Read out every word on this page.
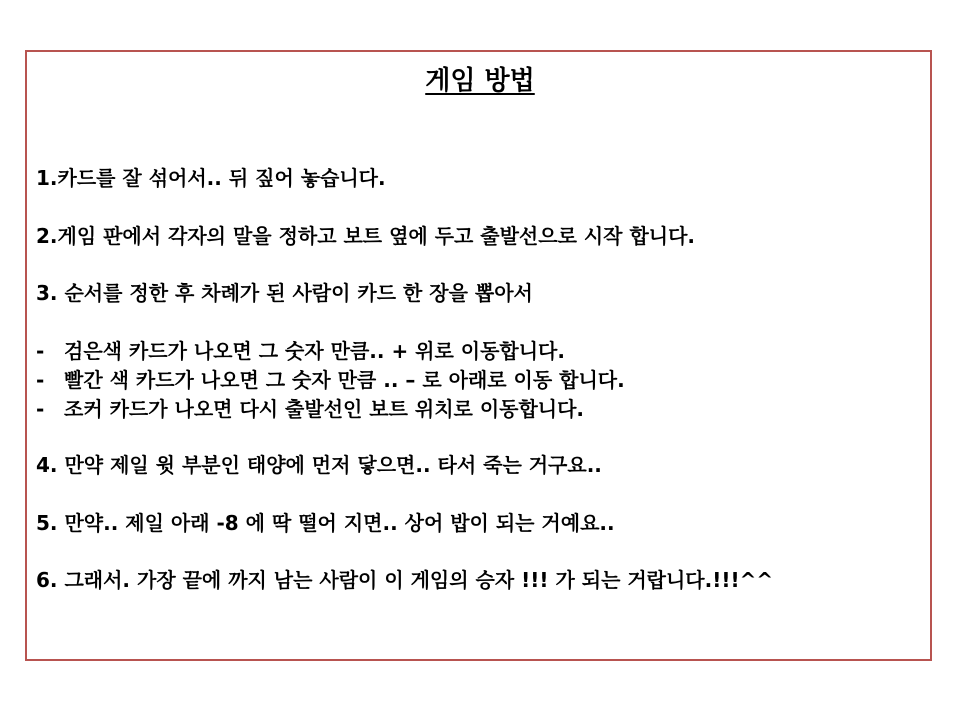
게임 방법
1.카드를 잘 섞어서.. 뒤 짚어 놓습니다.
2.게임 판에서 각자의 말을 정하고 보트 옆에 두고 출발선으로 시작 합니다.
3. 순서를 정한 후 차례가 된 사람이 카드 한 장을 뽑아서
- 검은색 카드가 나오면 그 숫자 만큼.. + 위로 이동합니다.
- 빨간 색 카드가 나오면 그 숫자 만큼 .. – 로 아래로 이동 합니다.
- 조커 카드가 나오면 다시 출발선인 보트 위치로 이동합니다.
4. 만약 제일 윗 부분인 태양에 먼저 닿으면.. 타서 죽는 거구요..
5. 만약.. 제일 아래 -8 에 딱 떨어 지면.. 상어 밥이 되는 거예요..
6. 그래서. 가장 끝에 까지 남는 사람이 이 게임의 승자 !!! 가 되는 거랍니다.!!!^^
